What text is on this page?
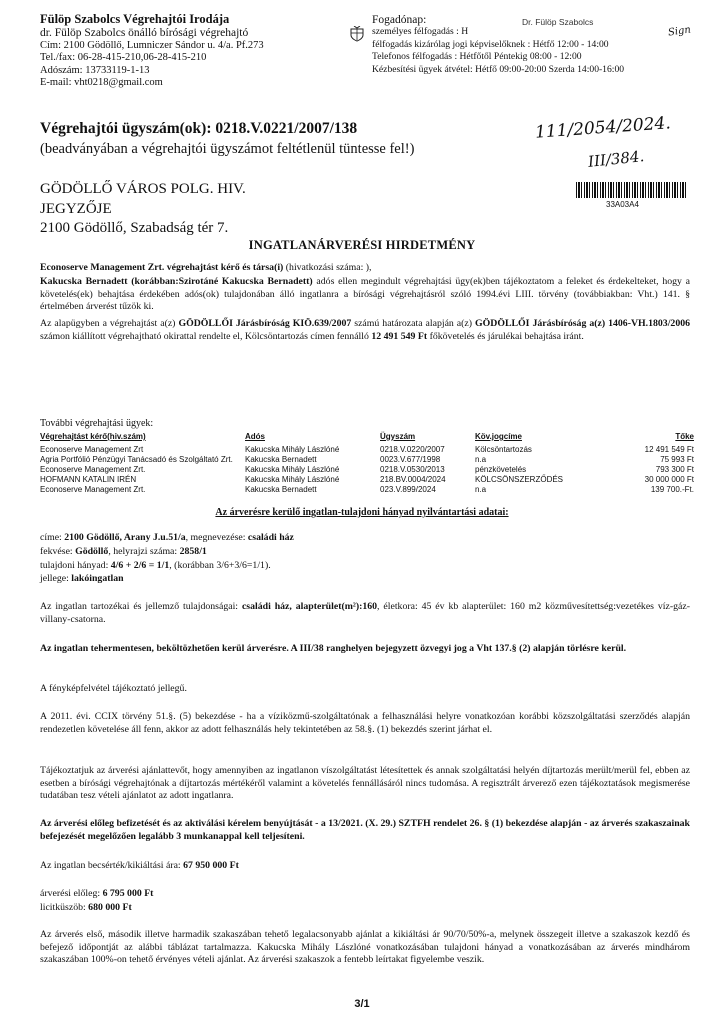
Fülöp Szabolcs Végrehajtói Irodája
dr. Fülöp Szabolcs önálló bírósági végrehajtó
Cím: 2100 Gödöllő, Lumniczer Sándor u. 4/a. Pf.273
Tel./fax: 06-28-415-210,06-28-415-210
Adószám: 13733119-1-13
E-mail: vht0218@gmail.com
Fogadónap:
személyes félfogadás : H
félfogadás kizárólag jogi képviselőknek : Hétfő 12:00 - 14:00
Telefonos félfogadás : Hétfőtől Péntekig 08:00 - 12:00
Kézbesítési ügyek átvétel: Hétfő 09:00-20:00 Szerda 14:00-16:00
Dr. Fülöp Szabolcs
Sign
Végrehajtói ügyszám(ok): 0218.V.0221/2007/138
(beadványában a végrehajtói ügyszámot feltétlenül tüntesse fel!)
111/2054/2024.
III/384.
GÖDÖLLŐ VÁROS POLG. HIV.
JEGYZŐJE
2100 Gödöllő, Szabadság tér 7.
33A03A4
INGATLANÁRVERÉSI HIRDETMÉNY
Econoserve Management Zrt. végrehajtást kérő és társa(i) (hivatkozási száma: ),
Kakucska Bernadett (korábban:Szirotáné Kakucska Bernadett) adós ellen megindult végrehajtási ügy(ek)ben tájékoztatom a feleket és érdekelteket, hogy a követelés(ek) behajtása érdekében adós(ok) tulajdonában álló ingatlanra a bírósági végrehajtásról szóló 1994.évi LIII. törvény (továbbiakban: Vht.) 141. § értelmében árverést tűzök ki.
Az alapügyben a végrehajtást a(z) GÖDÖLLŐI Járásbíróság KIÖ.639/2007 számú határozata alapján a(z) GÖDÖLLŐI Járásbíróság a(z) 1406-VH.1803/2006 számon kiállított végrehajtható okirattal rendelte el, Kölcsöntartozás címen fennálló 12 491 549 Ft főkövetelés és járulékai behajtása iránt.
További végrehajtási ügyek:
Végrehajtást kérő(hiv.szám)	Adós	Ügyszám	Köv.jogcíme	Tőke
Econoserve Management Zrt	Kakucska Mihály Lászlóné	0218.V.0220/2007	Kölcsöntartozás	12 491 549 Ft
Agria Portfólió Pénzügyi Tanácsadó és Szolgáltató Zrt.	Kakucska Bernadett	0023.V.677/1998	n.a	75 993 Ft
Econoserve Management Zrt.	Kakucska Mihály Lászlóné	0218.V.0530/2013	pénzkövetelés	793 300 Ft
HOFMANN KATALIN IRÉN	Kakucska Mihály Lászlóné	218.BV.0004/2024	KÖLCSÖNSZERZŐDÉS	30 000 000 Ft
Econoserve Management Zrt.	Kakucska Bernadett	023.V.899/2024	n.a	139 700.-Ft.
Az árverésre kerülő ingatlan-tulajdoni hányad nyilvántartási adatai:
címe: 2100 Gödöllő, Arany J.u.51/a, megnevezése: családi ház
fekvése: Gödöllő, helyrajzi száma: 2858/1
tulajdoni hányad: 4/6 + 2/6 = 1/1, (korábban 3/6+3/6=1/1).
jellege: lakóingatlan
Az ingatlan tartozékai és jellemző tulajdonságai: családi ház, alapterület(m²):160, életkora: 45 év kb alapterület: 160 m2 közművesítettség:vezetékes víz-gáz-villany-csatorna.
Az ingatlan tehermentesen, beköltözhetően kerül árverésre. A III/38 ranghelyen bejegyzett özvegyi jog a Vht 137.§ (2) alapján törlésre kerül.
A fényképfelvétel tájékoztató jellegű.
A 2011. évi. CCIX törvény 51.§. (5) bekezdése - ha a víziközmű-szolgáltatónak a felhasználási helyre vonatkozóan korábbi közszolgáltatási szerződés alapján rendezetlen követelése áll fenn, akkor az adott felhasználás hely tekintetében az 58.§. (1) bekezdés szerint járhat el.
Tájékoztatjuk az árverési ajánlattevőt, hogy amennyiben az ingatlanon víszolgáltatást létesítettek és annak szolgáltatási helyén díjtartozás merült/merül fel, ebben az esetben a bírósági végrehajtónak a díjtartozás mértékéről valamint a követelés fennállásáról nincs tudomása. A regisztrált árverező ezen tájékoztatások megismerése tudatában tesz vételi ajánlatot az adott ingatlanra.
Az árverési előleg befizetését és az aktiválási kérelem benyújtását - a 13/2021. (X. 29.) SZTFH rendelet 26. § (1) bekezdése alapján - az árverés szakaszainak befejezését megelőzően legalább 3 munkanappal kell teljesíteni.
Az ingatlan becsérték/kikiáltási ára: 67 950 000 Ft
árverési előleg: 6 795 000 Ft
licitküszöb: 680 000 Ft
Az árverés első, második illetve harmadik szakaszában tehető legalacsonyabb ajánlat a kikiáltási ár 90/70/50%-a, melynek összegeit illetve a szakaszok kezdő és befejező időpontját az alábbi táblázat tartalmazza. Kakucska Mihály Lászlóné vonatkozásában tulajdoni hányad a vonatkozásában az árverés mindhárom szakaszában 100%-on tehető érvényes vételi ajánlat. Az árverési szakaszok a fentebb leírtakat figyelembe veszik.
3/1
